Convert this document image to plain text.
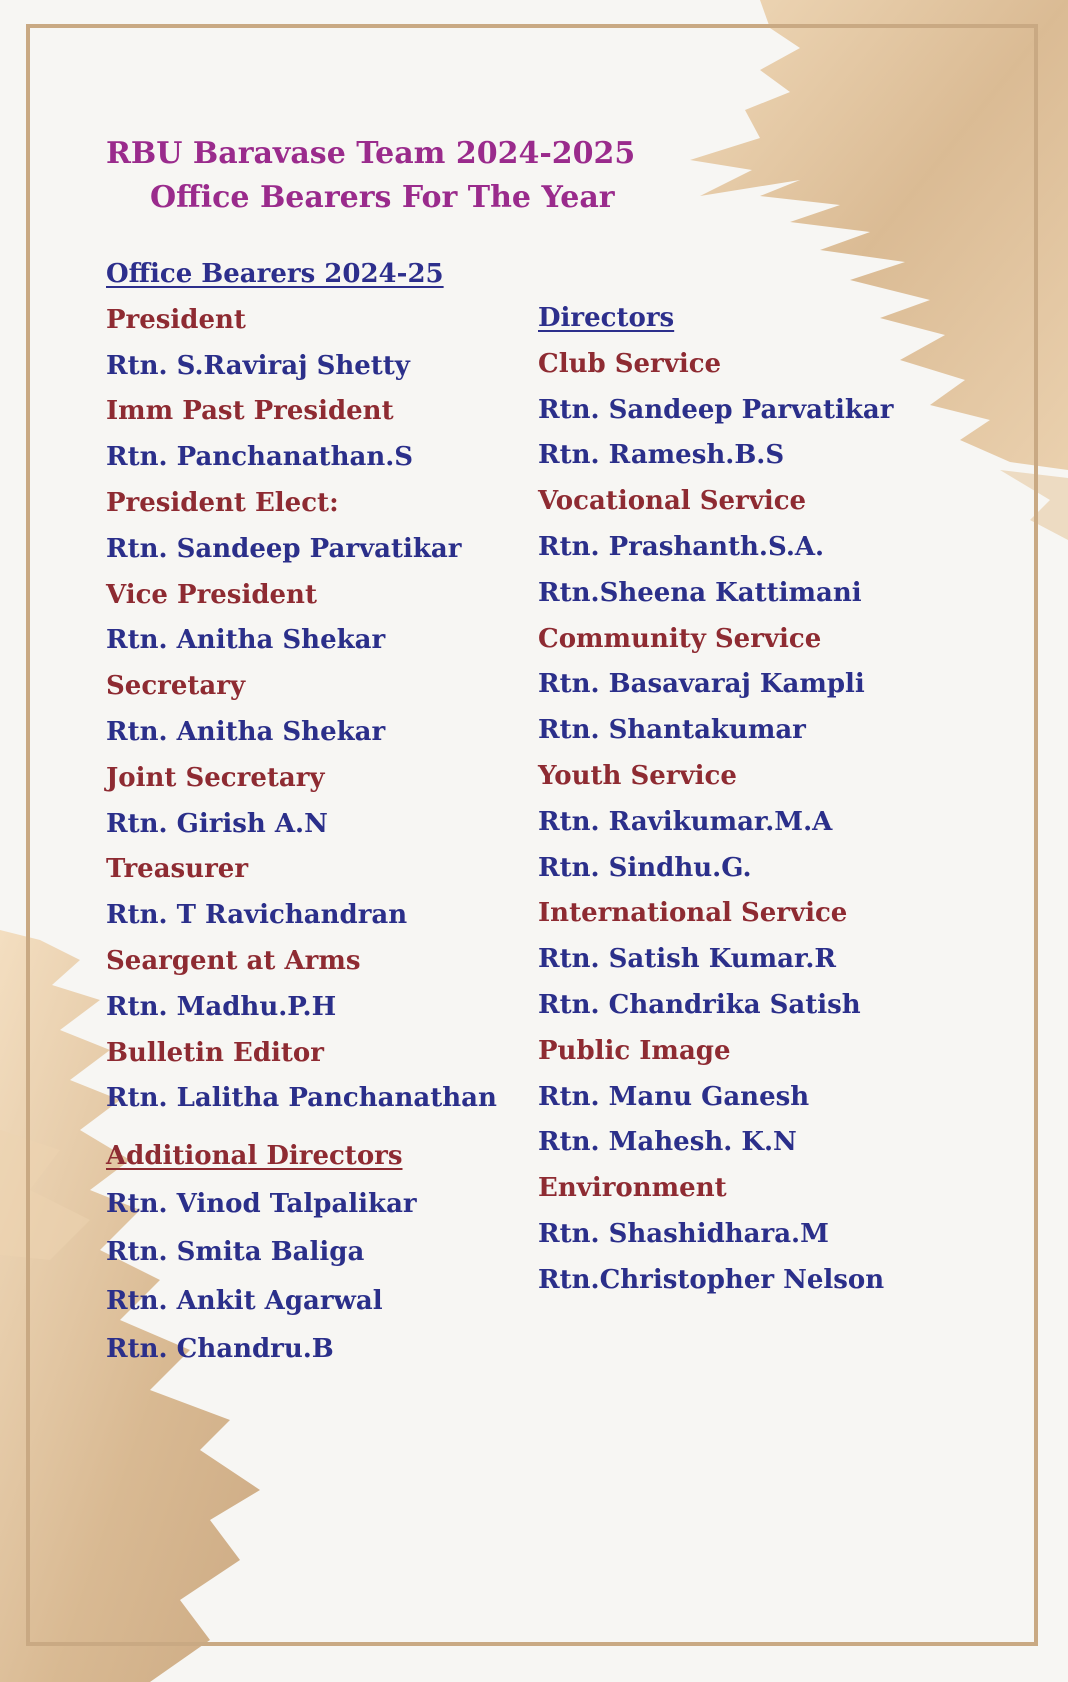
RBU Baravase Team 2024-2025
Office Bearers For The Year
Office Bearers 2024-25
President
Rtn. S.Raviraj Shetty
Imm Past President
Rtn. Panchanathan.S
President Elect:
Rtn. Sandeep Parvatikar
Vice President
Rtn. Anitha Shekar
Secretary
Rtn. Anitha Shekar
Joint Secretary
Rtn. Girish A.N
Treasurer
Rtn. T Ravichandran
Seargent at Arms
Rtn. Madhu.P.H
Bulletin Editor
Rtn. Lalitha Panchanathan
Additional Directors
Rtn. Vinod Talpalikar
Rtn. Smita Baliga
Rtn. Ankit Agarwal
Rtn. Chandru.B
Directors
Club Service
Rtn. Sandeep Parvatikar
Rtn. Ramesh.B.S
Vocational Service
Rtn. Prashanth.S.A.
Rtn.Sheena Kattimani
Community Service
Rtn. Basavaraj Kampli
Rtn. Shantakumar
Youth Service
Rtn. Ravikumar.M.A
Rtn. Sindhu.G.
International Service
Rtn. Satish Kumar.R
Rtn. Chandrika Satish
Public Image
Rtn. Manu Ganesh
Rtn. Mahesh. K.N
Environment
Rtn. Shashidhara.M
Rtn.Christopher Nelson
